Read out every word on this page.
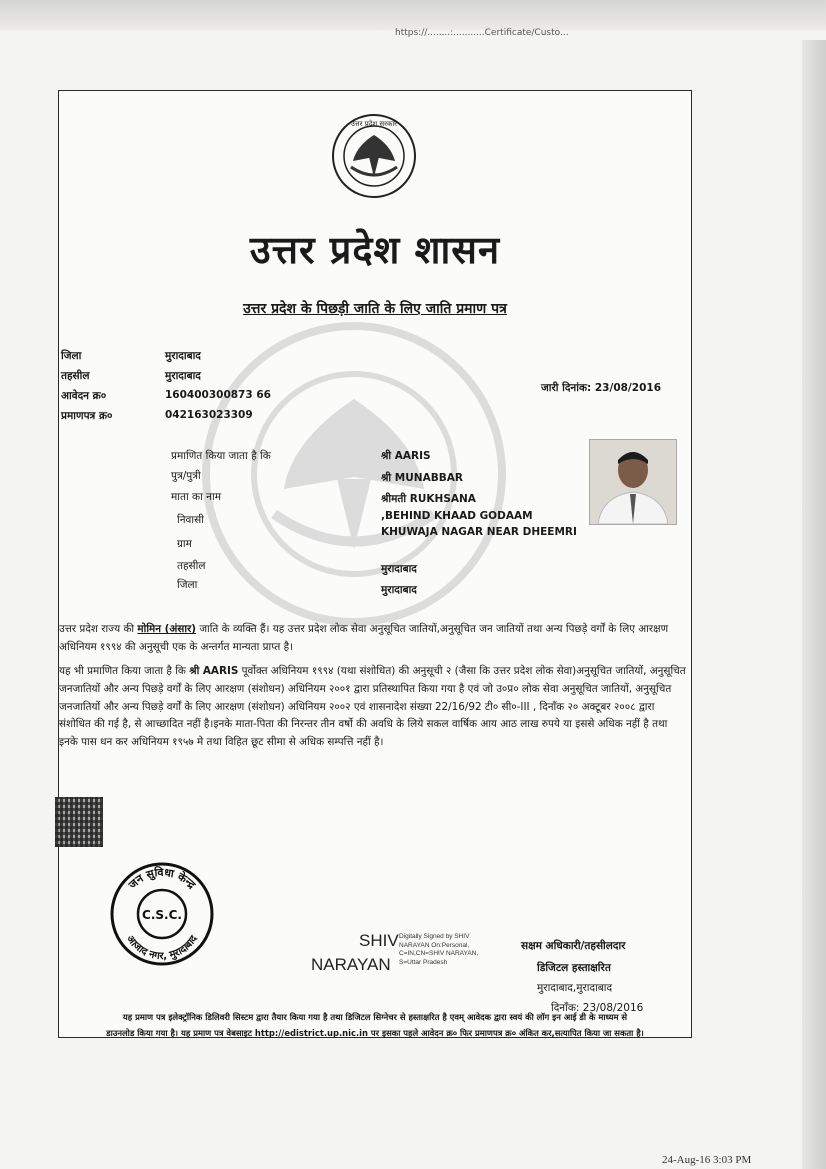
https://........:...........Certificate/Custo...
उत्तर प्रदेश सरकार
उत्तर प्रदेश शासन
उत्तर प्रदेश के पिछड़ी जाति के लिए जाति प्रमाण पत्र
जिला	मुरादाबाद
तहसील	मुरादाबाद
आवेदन क्र०	160400300873 66
प्रमाणपत्र क्र०	042163023309
जारी दिनांक: 23/08/2016
प्रमाणित किया जाता है कि	श्री AARIS
पुत्र/पुत्री	श्री MUNABBAR
माता का नाम	श्रीमती RUKHSANA
निवासी	,BEHIND KHAAD GODAAM
KHUWAJA NAGAR NEAR DHEEMRI
ग्राम
तहसील	मुरादाबाद
जिला	मुरादाबाद
उत्तर प्रदेश राज्य की मोमिन (अंसार) जाति के व्यक्ति हैं। यह उत्तर प्रदेश लोक सेवा अनुसूचित जातियों,अनुसूचित जन जातियों तथा अन्य पिछड़े वर्गों के लिए आरक्षण अधिनियम १९९४ की अनुसूची एक के अन्तर्गत मान्यता प्राप्त है।
यह भी प्रमाणित किया जाता है कि श्री AARIS पूर्वोक्त अधिनियम १९९४ (यथा संशोधित) की अनुसूची २ (जैसा कि उत्तर प्रदेश लोक सेवा)अनुसूचित जातियों, अनुसूचित जनजातियों और अन्य पिछड़े वर्गों के लिए आरक्षण (संशोधन) अधिनियम २००१ द्वारा प्रतिस्थापित किया गया है एवं जो उ०प्र० लोक सेवा अनुसूचित जातियों, अनुसूचित जनजातियों और अन्य पिछड़े वर्गों के लिए आरक्षण (संशोधन) अधिनियम २००२ एवं शासनादेश संख्या 22/16/92 टी० सी०-III , दिनाँक २० अक्टूबर २००८ द्वारा संशोधित की गई है, से आच्छादित नहीं है।इनके माता-पिता की निरन्तर तीन वर्षो की अवधि के लिये सकल वार्षिक आय आठ लाख रुपये या इससे अधिक नहीं है तथा इनके पास धन कर अधिनियम १९५७ मे तथा विहित छूट सीमा से अधिक सम्पत्ति नहीं है।
जन सुविधा केन्द्र
C.S.C.
आजाद नगर, मुरादाबाद	SHIV
NARAYAN
Digitally Signed by SHIV NARAYAN On:Personal, C=IN,CN=SHIV NARAYAN, S=Uttar Pradesh
सक्षम अधिकारी/तहसीलदार
डिजिटल हस्ताक्षरित
मुरादाबाद,मुरादाबाद
दिनाँक: 23/08/2016
यह प्रमाण पत्र इलेक्ट्रॉनिक डिलिवरी सिस्टम द्वारा तैयार किया गया है तथा डिजिटल सिग्नेचर से हस्ताक्षरित है एवम् आवेदक द्वारा स्वयं की लॉग इन आई डी के माध्यम से
डाउनलोड किया गया है। यह प्रमाण पत्र वेबसाइट http://edistrict.up.nic.in पर इसका पहले आवेदन क्र० फिर प्रमाणपत्र क्र० अंकित कर,सत्यापित किया जा सकता है।
24-Aug-16 3:03 PM
